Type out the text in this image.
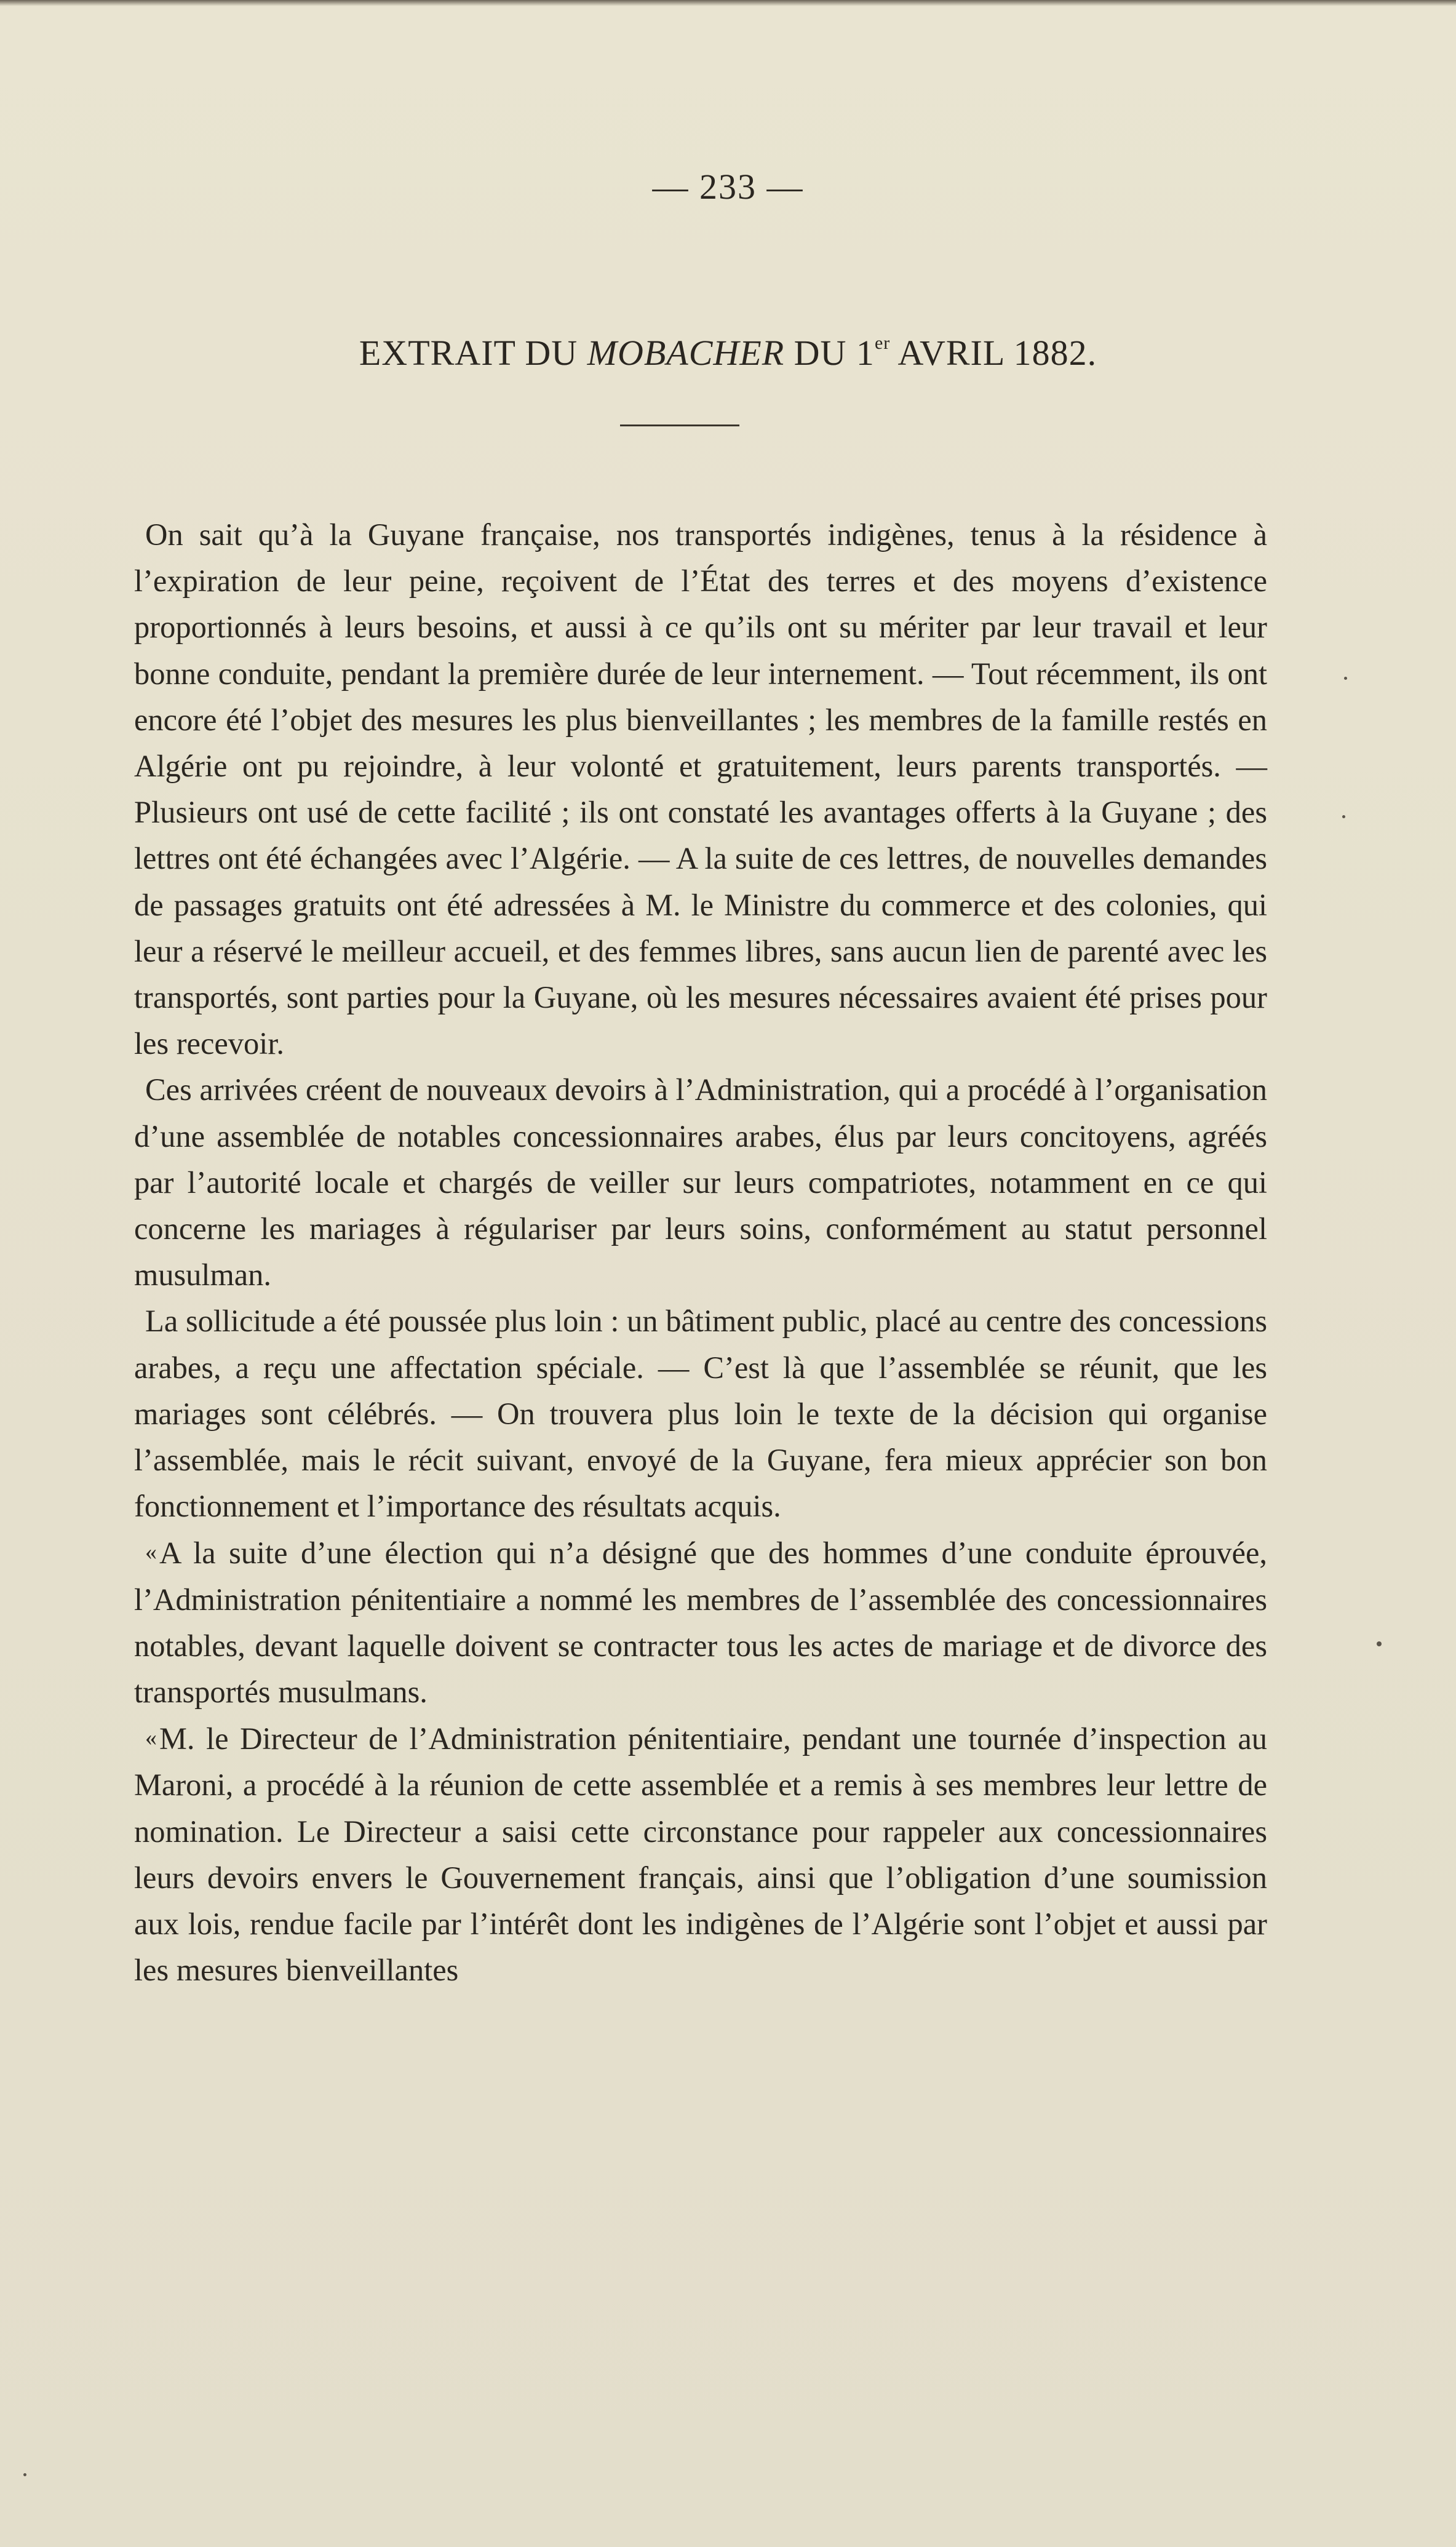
— 233 —
EXTRAIT DU MOBACHER DU 1er AVRIL 1882.

On sait qu’à la Guyane française, nos transportés indigènes, tenus à la résidence à l’expiration de leur peine, reçoivent de l’État des terres et des moyens d’existence proportionnés à leurs besoins, et aussi à ce qu’ils ont su mériter par leur travail et leur bonne conduite, pendant la première durée de leur internement. — Tout récemment, ils ont encore été l’objet des mesures les plus bienveillantes ; les membres de la famille restés en Algérie ont pu rejoindre, à leur volonté et gratuitement, leurs parents transportés. — Plusieurs ont usé de cette facilité ; ils ont constaté les avantages offerts à la Guyane ; des lettres ont été échangées avec l’Algérie. — A la suite de ces lettres, de nouvelles demandes de passages gratuits ont été adressées à M. le Ministre du commerce et des colonies, qui leur a réservé le meilleur accueil, et des femmes libres, sans aucun lien de parenté avec les transportés, sont parties pour la Guyane, où les mesures nécessaires avaient été prises pour les recevoir.

Ces arrivées créent de nouveaux devoirs à l’Administration, qui a procédé à l’organisation d’une assemblée de notables concessionnaires arabes, élus par leurs concitoyens, agréés par l’autorité locale et chargés de veiller sur leurs compatriotes, notamment en ce qui concerne les mariages à régulariser par leurs soins, conformément au statut personnel musulman.

La sollicitude a été poussée plus loin : un bâtiment public, placé au centre des concessions arabes, a reçu une affectation spéciale. — C’est là que l’assemblée se réunit, que les mariages sont célébrés. — On trouvera plus loin le texte de la décision qui organise l’assemblée, mais le récit suivant, envoyé de la Guyane, fera mieux apprécier son bon fonctionnement et l’importance des résultats acquis.

«A la suite d’une élection qui n’a désigné que des hommes d’une conduite éprouvée, l’Administration pénitentiaire a nommé les membres de l’assemblée des concessionnaires notables, devant laquelle doivent se contracter tous les actes de mariage et de divorce des transportés musulmans.

«M. le Directeur de l’Administration pénitentiaire, pendant une tournée d’inspection au Maroni, a procédé à la réunion de cette assemblée et a remis à ses membres leur lettre de nomination. Le Directeur a saisi cette circonstance pour rappeler aux concessionnaires leurs devoirs envers le Gouvernement français, ainsi que l’obligation d’une soumission aux lois, rendue facile par l’intérêt dont les indigènes de l’Algérie sont l’objet et aussi par les mesures bienveillantes
